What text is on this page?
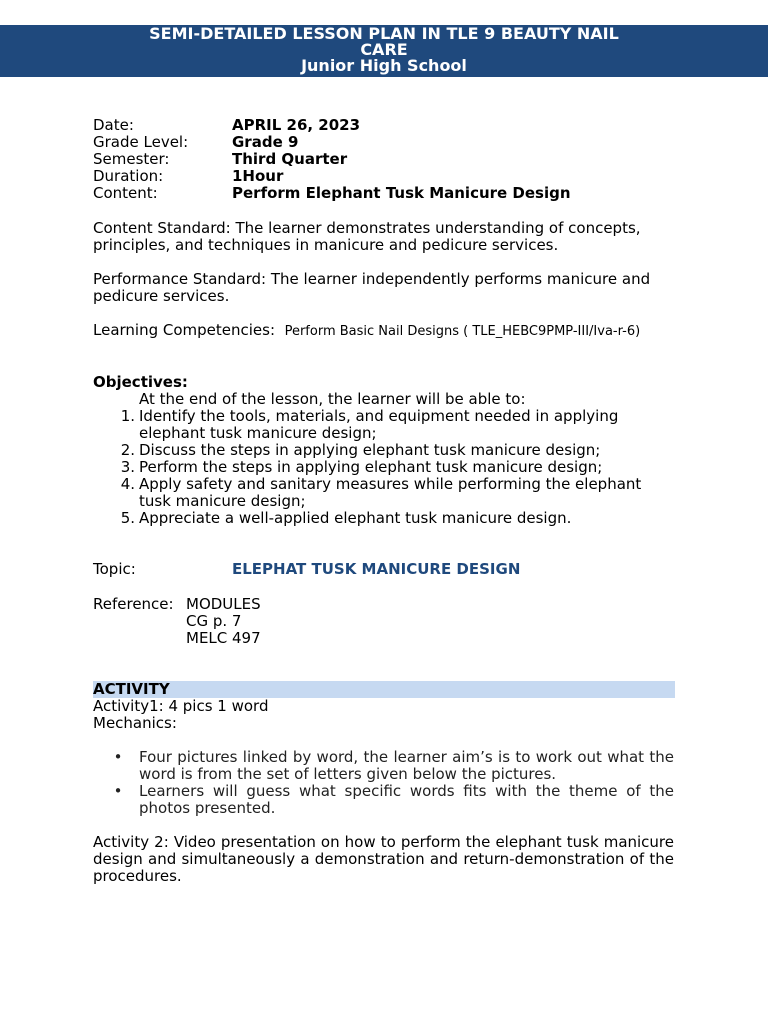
SEMI-DETAILED LESSON PLAN IN TLE 9 BEAUTY NAIL
CARE
Junior High School
Date:	APRIL 26, 2023
Grade Level:	Grade 9
Semester:	Third Quarter
Duration:	1Hour
Content:	Perform Elephant Tusk Manicure Design
Content Standard: The learner demonstrates understanding of concepts, principles, and techniques in manicure and pedicure services.
Performance Standard: The learner independently performs manicure and pedicure services.
Learning Competencies: Perform Basic Nail Designs ( TLE_HEBC9PMP-III/Iva-r-6)
Objectives:
At the end of the lesson, the learner will be able to:
1. Identify the tools, materials, and equipment needed in applying elephant tusk manicure design;
2. Discuss the steps in applying elephant tusk manicure design;
3. Perform the steps in applying elephant tusk manicure design;
4. Apply safety and sanitary measures while performing the elephant tusk manicure design;
5. Appreciate a well-applied elephant tusk manicure design.
Topic:	ELEPHAT TUSK MANICURE DESIGN
Reference: MODULES
CG p. 7
MELC 497
ACTIVITY
Activity1: 4 pics 1 word
Mechanics:
• Four pictures linked by word, the learner aim’s is to work out what the word is from the set of letters given below the pictures.
• Learners will guess what specific words fits with the theme of the photos presented.
Activity 2: Video presentation on how to perform the elephant tusk manicure design and simultaneously a demonstration and return-demonstration of the procedures.
